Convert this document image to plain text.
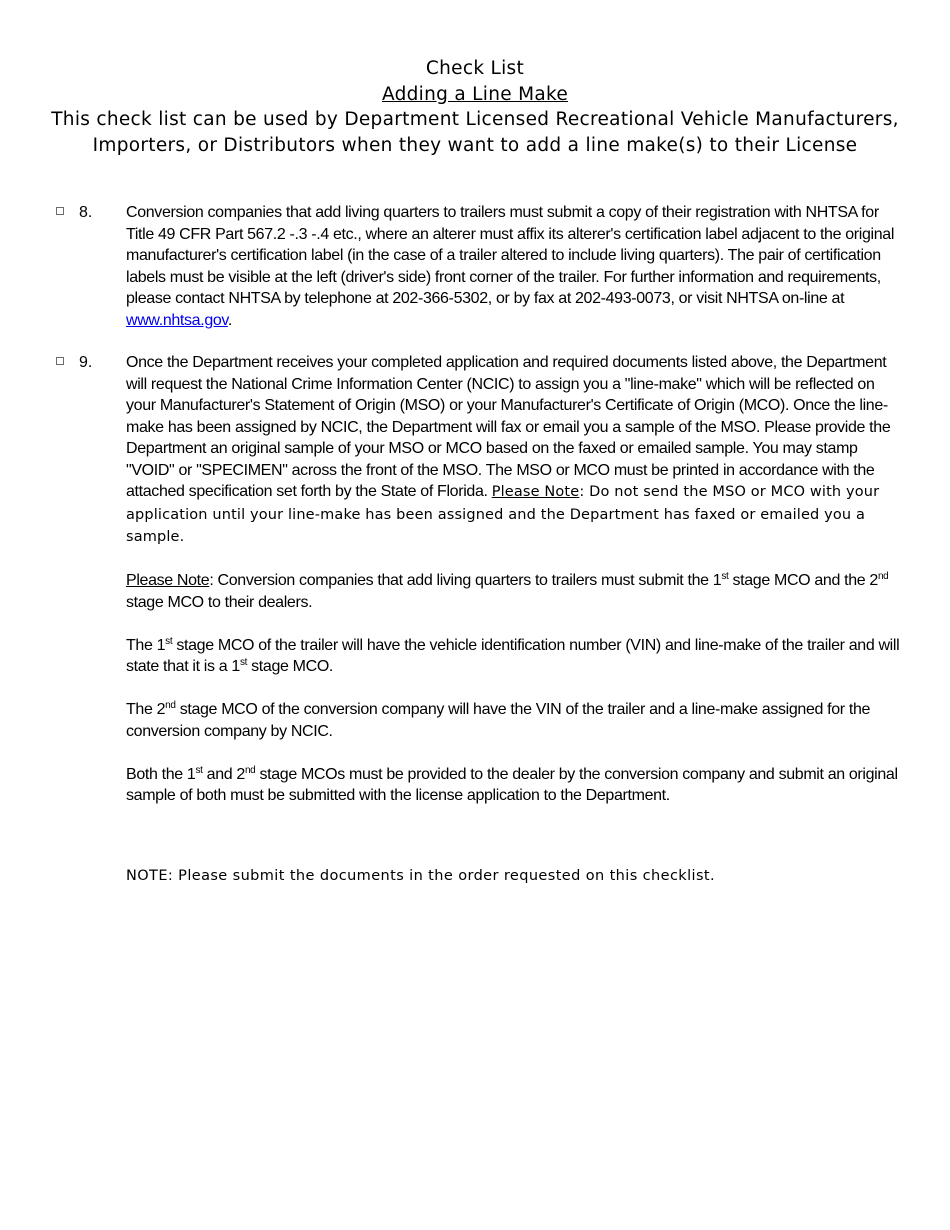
Check List
Adding a Line Make
This check list can be used by Department Licensed Recreational Vehicle Manufacturers,
Importers, or Distributors when they want to add a line make(s) to their License
8. Conversion companies that add living quarters to trailers must submit a copy of their registration with NHTSA for Title 49 CFR Part 567.2 -.3 -.4 etc., where an alterer must affix its alterer's certification label adjacent to the original manufacturer's certification label (in the case of a trailer altered to include living quarters). The pair of certification labels must be visible at the left (driver's side) front corner of the trailer. For further information and requirements, please contact NHTSA by telephone at 202-366-5302, or by fax at 202-493-0073, or visit NHTSA on-line at www.nhtsa.gov.

9. Once the Department receives your completed application and required documents listed above, the Department will request the National Crime Information Center (NCIC) to assign you a "line-make" which will be reflected on your Manufacturer's Statement of Origin (MSO) or your Manufacturer's Certificate of Origin (MCO). Once the line-make has been assigned by NCIC, the Department will fax or email you a sample of the MSO. Please provide the Department an original sample of your MSO or MCO based on the faxed or emailed sample. You may stamp "VOID" or "SPECIMEN" across the front of the MSO. The MSO or MCO must be printed in accordance with the attached specification set forth by the State of Florida. Please Note: Do not send the MSO or MCO with your application until your line-make has been assigned and the Department has faxed or emailed you a sample.

Please Note: Conversion companies that add living quarters to trailers must submit the 1st stage MCO and the 2nd stage MCO to their dealers.

The 1st stage MCO of the trailer will have the vehicle identification number (VIN) and line-make of the trailer and will state that it is a 1st stage MCO.

The 2nd stage MCO of the conversion company will have the VIN of the trailer and a line-make assigned for the conversion company by NCIC.

Both the 1st and 2nd stage MCOs must be provided to the dealer by the conversion company and submit an original sample of both must be submitted with the license application to the Department.

NOTE: Please submit the documents in the order requested on this checklist.
